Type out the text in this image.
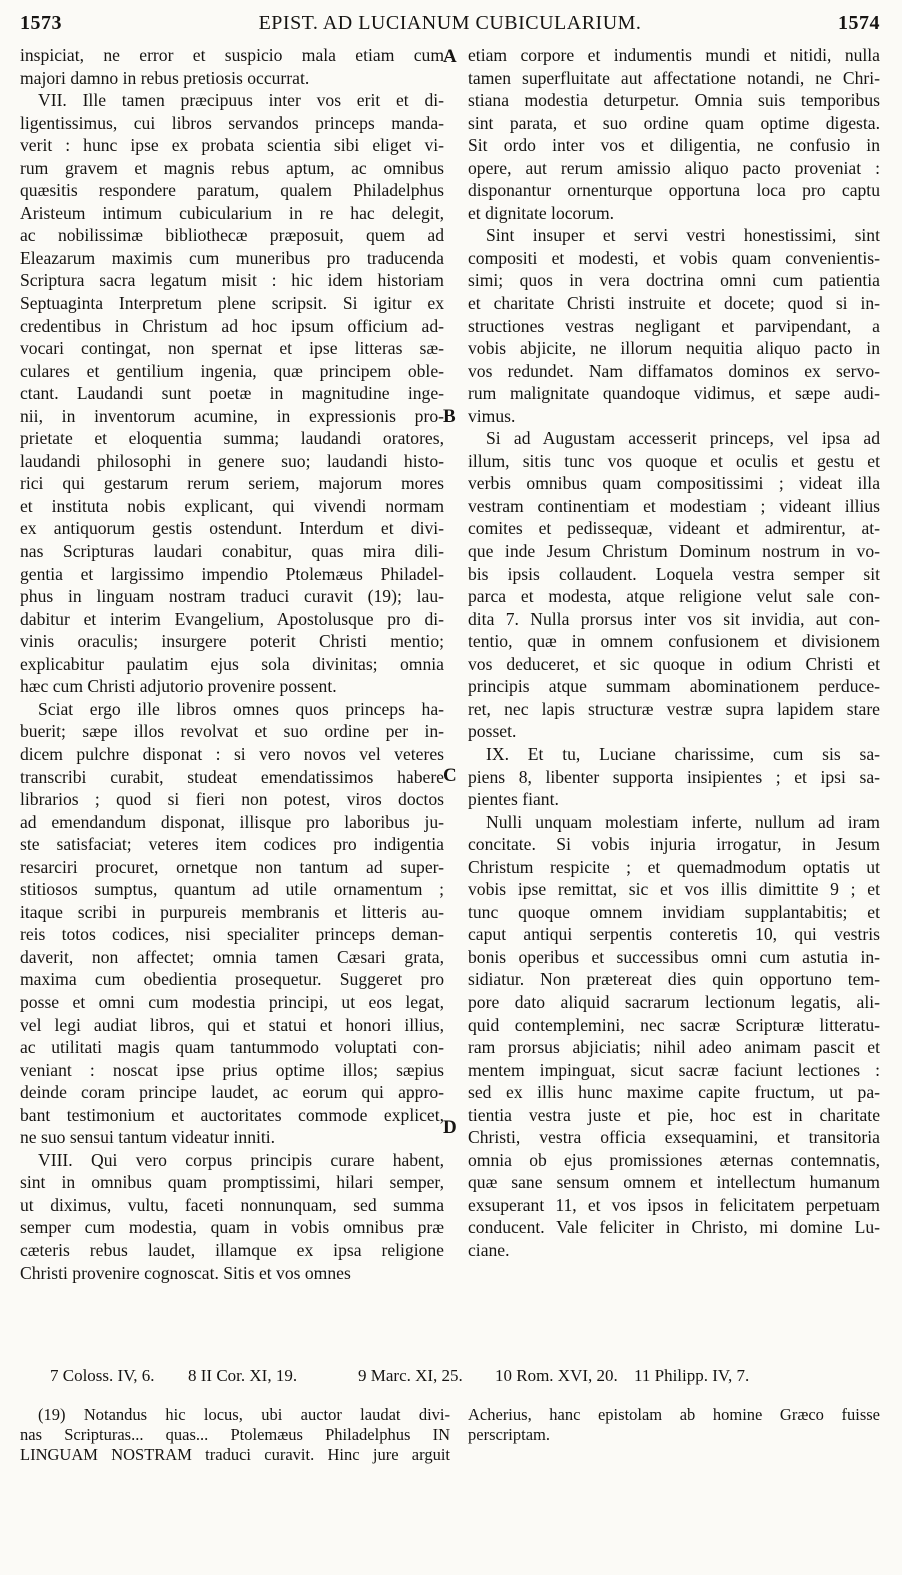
1573	EPIST. AD LUCIANUM CUBICULARIUM.	1574
inspiciat, ne error et suspicio mala etiam cum
majori damno in rebus pretiosis occurrat.
VII. Ille tamen præcipuus inter vos erit et di-
ligentissimus, cui libros servandos princeps manda-
verit : hunc ipse ex probata scientia sibi eliget vi-
rum gravem et magnis rebus aptum, ac omnibus
quæsitis respondere paratum, qualem Philadelphus
Aristeum intimum cubicularium in re hac delegit,
ac nobilissimæ bibliothecæ præposuit, quem ad
Eleazarum maximis cum muneribus pro traducenda
Scriptura sacra legatum misit : hic idem historiam
Septuaginta Interpretum plene scripsit. Si igitur ex
credentibus in Christum ad hoc ipsum officium ad-
vocari contingat, non spernat et ipse litteras sæ-
culares et gentilium ingenia, quæ principem oble-
ctant. Laudandi sunt poetæ in magnitudine inge-
nii, in inventorum acumine, in expressionis pro-
prietate et eloquentia summa; laudandi oratores,
laudandi philosophi in genere suo; laudandi histo-
rici qui gestarum rerum seriem, majorum mores
et instituta nobis explicant, qui vivendi normam
ex antiquorum gestis ostendunt. Interdum et divi-
nas Scripturas laudari conabitur, quas mira dili-
gentia et largissimo impendio Ptolemæus Philadel-
phus in linguam nostram traduci curavit (19); lau-
dabitur et interim Evangelium, Apostolusque pro di-
vinis oraculis; insurgere poterit Christi mentio;
explicabitur paulatim ejus sola divinitas; omnia
hæc cum Christi adjutorio provenire possent.
Sciat ergo ille libros omnes quos princeps ha-
buerit; sæpe illos revolvat et suo ordine per in-
dicem pulchre disponat : si vero novos vel veteres
transcribi curabit, studeat emendatissimos habere
librarios ; quod si fieri non potest, viros doctos
ad emendandum disponat, illisque pro laboribus ju-
ste satisfaciat; veteres item codices pro indigentia
resarciri procuret, ornetque non tantum ad super-
stitiosos sumptus, quantum ad utile ornamentum ;
itaque scribi in purpureis membranis et litteris au-
reis totos codices, nisi specialiter princeps deman-
daverit, non affectet; omnia tamen Cæsari grata,
maxima cum obedientia prosequetur. Suggeret pro
posse et omni cum modestia principi, ut eos legat,
vel legi audiat libros, qui et statui et honori illius,
ac utilitati magis quam tantummodo voluptati con-
veniant : noscat ipse prius optime illos; sæpius
deinde coram principe laudet, ac eorum qui appro-
bant testimonium et auctoritates commode explicet,
ne suo sensui tantum videatur inniti.
VIII. Qui vero corpus principis curare habent,
sint in omnibus quam promptissimi, hilari semper,
ut diximus, vultu, faceti nonnunquam, sed summa
semper cum modestia, quam in vobis omnibus præ
cæteris rebus laudet, illamque ex ipsa religione
Christi provenire cognoscat. Sitis et vos omnes
etiam corpore et indumentis mundi et nitidi, nulla
tamen superfluitate aut affectatione notandi, ne Chri-
stiana modestia deturpetur. Omnia suis temporibus
sint parata, et suo ordine quam optime digesta.
Sit ordo inter vos et diligentia, ne confusio in
opere, aut rerum amissio aliquo pacto proveniat :
disponantur ornenturque opportuna loca pro captu
et dignitate locorum.
Sint insuper et servi vestri honestissimi, sint
compositi et modesti, et vobis quam convenientis-
simi; quos in vera doctrina omni cum patientia
et charitate Christi instruite et docete; quod si in-
structiones vestras negligant et parvipendant, a
vobis abjicite, ne illorum nequitia aliquo pacto in
vos redundet. Nam diffamatos dominos ex servo-
rum malignitate quandoque vidimus, et sæpe audi-
vimus.
Si ad Augustam accesserit princeps, vel ipsa ad
illum, sitis tunc vos quoque et oculis et gestu et
verbis omnibus quam compositissimi ; videat illa
vestram continentiam et modestiam ; videant illius
comites et pedissequæ, videant et admirentur, at-
que inde Jesum Christum Dominum nostrum in vo-
bis ipsis collaudent. Loquela vestra semper sit
parca et modesta, atque religione velut sale con-
dita 7. Nulla prorsus inter vos sit invidia, aut con-
tentio, quæ in omnem confusionem et divisionem
vos deduceret, et sic quoque in odium Christi et
principis atque summam abominationem perduce-
ret, nec lapis structuræ vestræ supra lapidem stare
posset.
IX. Et tu, Luciane charissime, cum sis sa-
piens 8, libenter supporta insipientes ; et ipsi sa-
pientes fiant.
Nulli unquam molestiam inferte, nullum ad iram
concitate. Si vobis injuria irrogatur, in Jesum
Christum respicite ; et quemadmodum optatis ut
vobis ipse remittat, sic et vos illis dimittite 9 ; et
tunc quoque omnem invidiam supplantabitis; et
caput antiqui serpentis conteretis 10, qui vestris
bonis operibus et successibus omni cum astutia in-
sidiatur. Non prætereat dies quin opportuno tem-
pore dato aliquid sacrarum lectionum legatis, ali-
quid contemplemini, nec sacræ Scripturæ litteratu-
ram prorsus abjiciatis; nihil adeo animam pascit et
mentem impinguat, sicut sacræ faciunt lectiones :
sed ex illis hunc maxime capite fructum, ut pa-
tientia vestra juste et pie, hoc est in charitate
Christi, vestra officia exsequamini, et transitoria
omnia ob ejus promissiones æternas contemnatis,
quæ sane sensum omnem et intellectum humanum
exsuperant 11, et vos ipsos in felicitatem perpetuam
conducent. Vale feliciter in Christo, mi domine Lu-
ciane.
A
B
C
D
7 Coloss. IV, 6. 8 II Cor. XI, 19.	9 Marc. XI, 25. 10 Rom. XVI, 20. 11 Philipp. IV, 7.
(19) Notandus hic locus, ubi auctor laudat divi-
nas Scripturas... quas... Ptolemæus Philadelphus IN
LINGUAM NOSTRAM traduci curavit. Hinc jure arguit
Acherius, hanc epistolam ab homine Græco fuisse
perscriptam.
